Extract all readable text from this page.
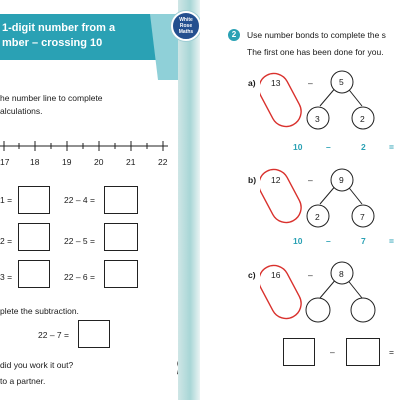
1-digit number from a
mber – crossing 10
he number line to complete
alculations.
17 18	19	20	21	22
1 =	22 – 4 =
2 =	22 – 5 =
3 =	22 – 6 =
plete the subtraction.
22 – 7 =
did you work it out?
to a partner.
White
Rose
Maths	2	Use number bonds to complete the s
The first one has been done for you.
a) 13	–	5
3	2
10	–	2	=
b) 12	–	9
2	7
10	–	7	=
c) 16	–	8
–	=
